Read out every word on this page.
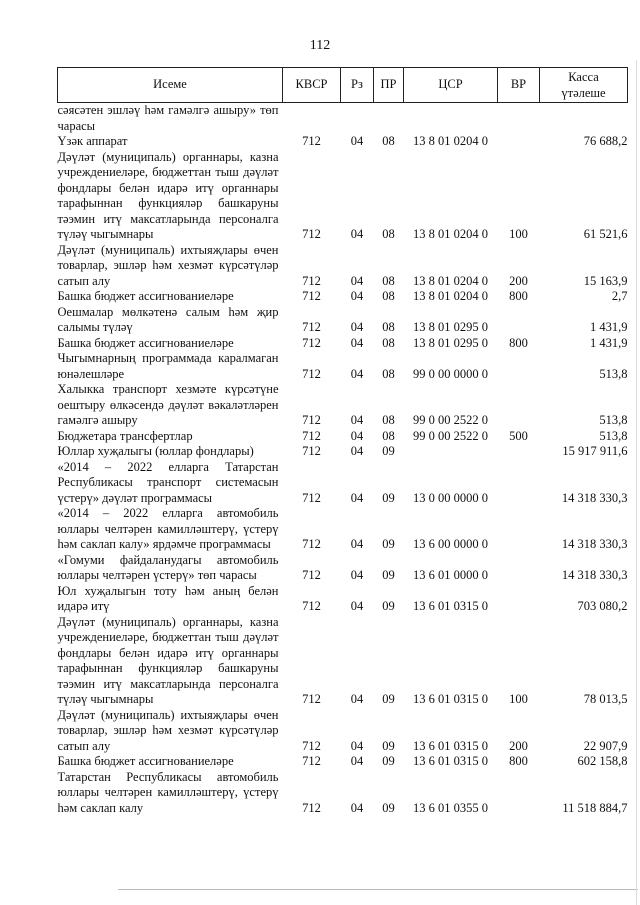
112
Исеме	КВСР	Рз	ПР	ЦСР	ВР	Касса
үтәлеше

сәясәтен эшләү һәм гамәлгә ашыру» төп чарасы						
Үзәк аппарат	712	04	08	13 8 01 0204 0		76 688,2
Дәүләт (муниципаль) органнары, казна учреждениеләре, бюджеттан тыш дәүләт фондлары белән идарә итү органнары тарафыннан функцияләр башкаруны тәэмин итү максатларында персоналга түләү чыгымнары	712	04	08	13 8 01 0204 0	100	61 521,6
Дәүләт (муниципаль) ихтыяҗлары өчен товарлар, эшләр һәм хезмәт күрсәтүләр сатып алу	712	04	08	13 8 01 0204 0	200	15 163,9
Башка бюджет ассигнованиеләре	712	04	08	13 8 01 0204 0	800	2,7
Оешмалар мөлкәтенә салым һәм җир салымы түләү	712	04	08	13 8 01 0295 0		1 431,9
Башка бюджет ассигнованиеләре	712	04	08	13 8 01 0295 0	800	1 431,9
Чыгымнарның программада каралмаган юнәлешләре	712	04	08	99 0 00 0000 0		513,8
Халыкка транспорт хезмәте күрсәтүне оештыру өлкәсендә дәүләт вәкаләтләрен гамәлгә ашыру	712	04	08	99 0 00 2522 0		513,8
Бюджетара трансфертлар	712	04	08	99 0 00 2522 0	500	513,8
Юллар хуҗалыгы (юллар фондлары)	712	04	09			15 917 911,6
«2014 – 2022 елларга Татарстан Республикасы транспорт системасын үстерү» дәүләт программасы	712	04	09	13 0 00 0000 0		14 318 330,3
«2014 – 2022 елларга автомобиль юллары челтәрен камилләштерү, үстерү һәм саклап калу» ярдәмче программасы	712	04	09	13 6 00 0000 0		14 318 330,3
«Гомуми файдаланудагы автомобиль юллары челтәрен үстерү» төп чарасы	712	04	09	13 6 01 0000 0		14 318 330,3
Юл хуҗалыгын тоту һәм аның белән идарә итү	712	04	09	13 6 01 0315 0		703 080,2
Дәүләт (муниципаль) органнары, казна учреждениеләре, бюджеттан тыш дәүләт фондлары белән идарә итү органнары тарафыннан функцияләр башкаруны тәэмин итү максатларында персоналга түләү чыгымнары	712	04	09	13 6 01 0315 0	100	78 013,5
Дәүләт (муниципаль) ихтыяҗлары өчен товарлар, эшләр һәм хезмәт күрсәтүләр сатып алу	712	04	09	13 6 01 0315 0	200	22 907,9
Башка бюджет ассигнованиеләре	712	04	09	13 6 01 0315 0	800	602 158,8
Татарстан Республикасы автомобиль юллары челтәрен камилләштерү, үстерү һәм саклап калу	712	04	09	13 6 01 0355 0		11 518 884,7
